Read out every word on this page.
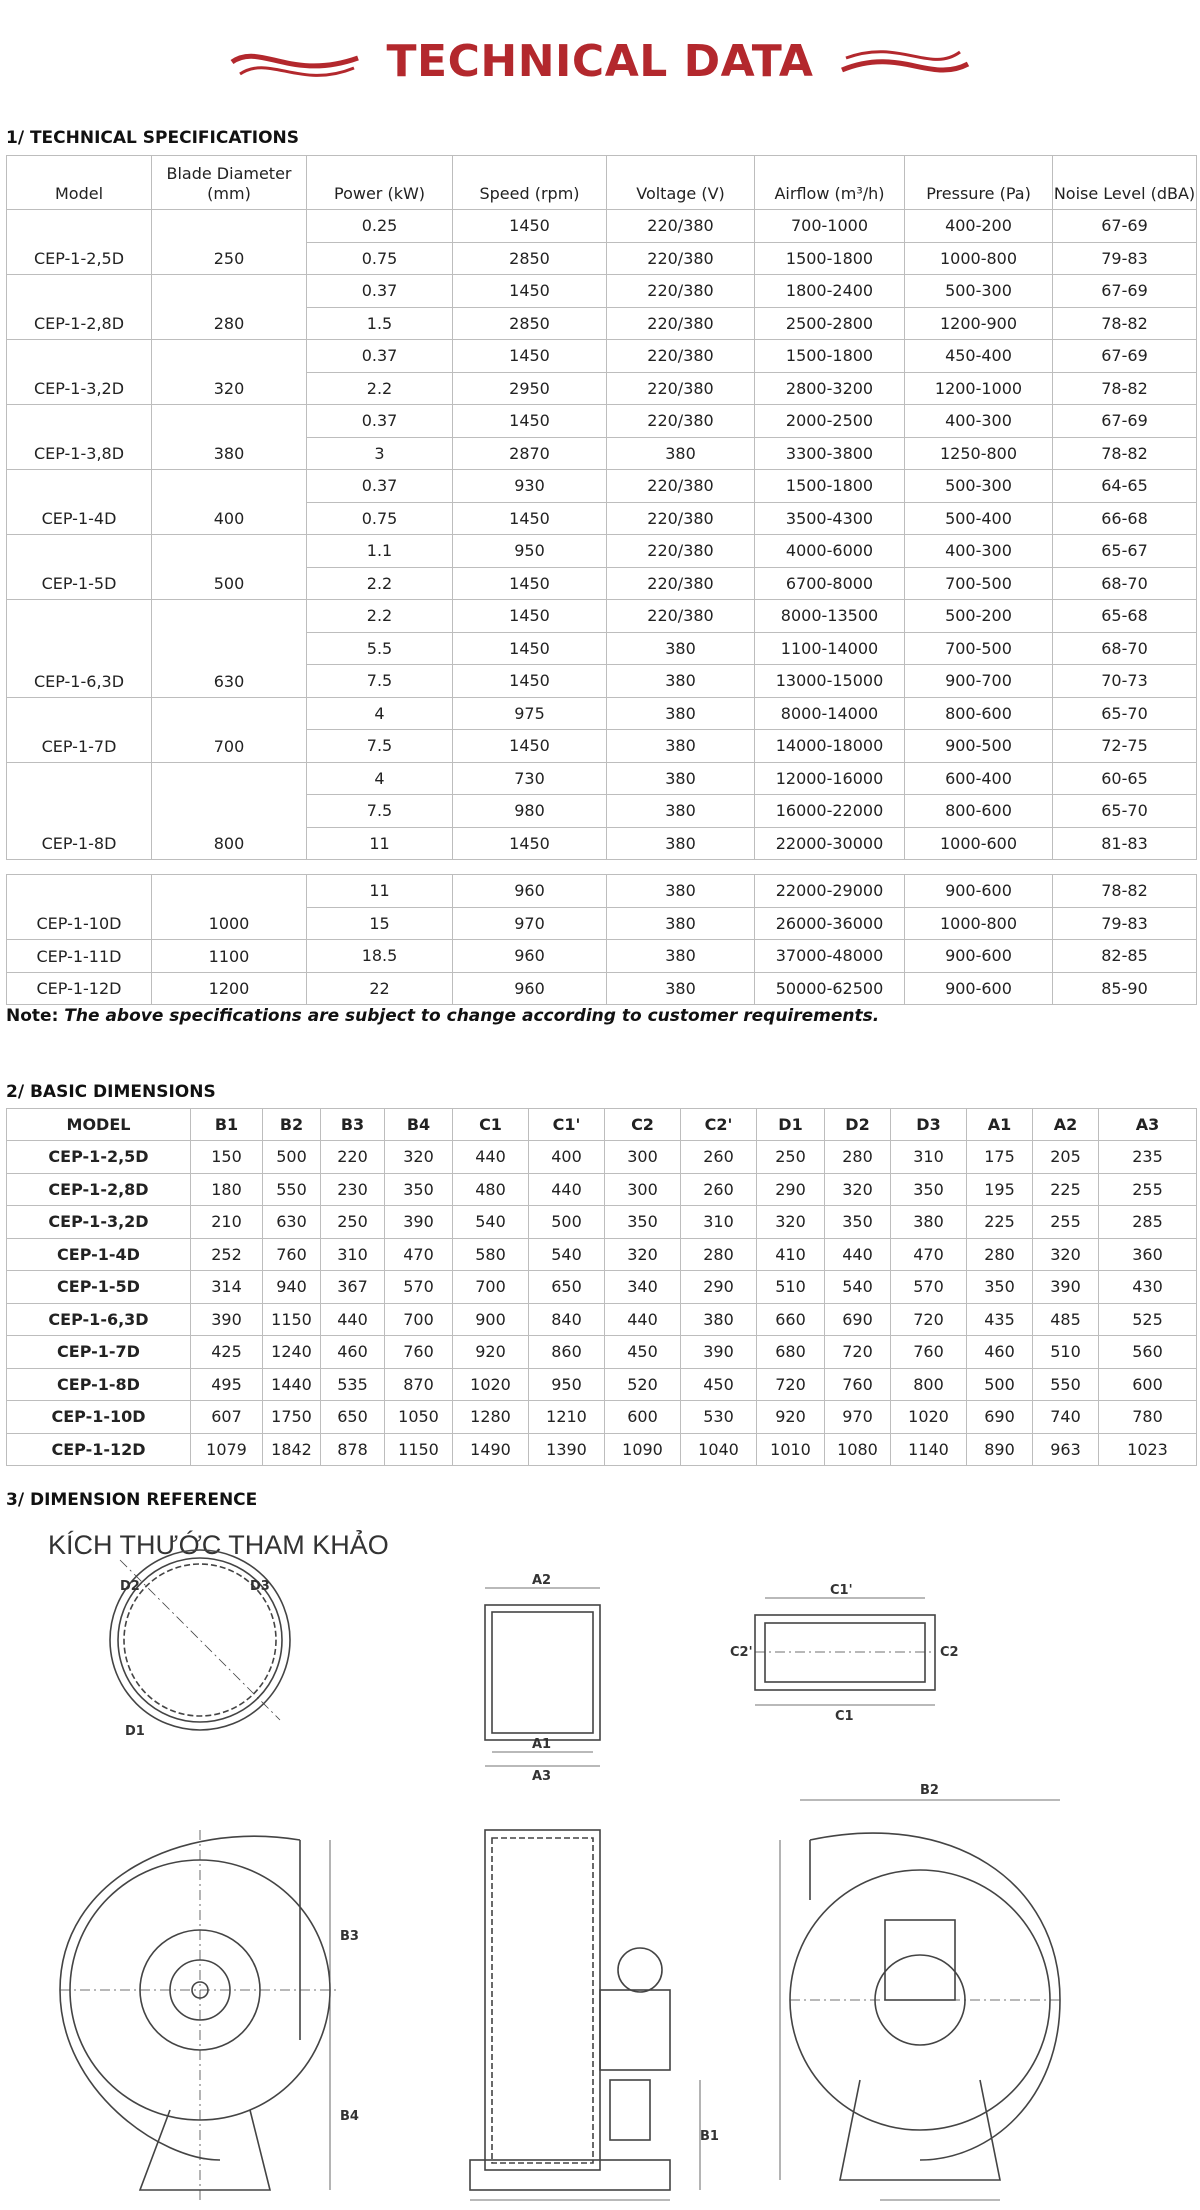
TECHNICAL DATA
1/ TECHNICAL SPECIFICATIONS
Model	Blade Diameter (mm)	Power (kW)	Speed (rpm)	Voltage (V)	Airflow (m³/h)	Pressure (Pa)	Noise Level (dBA)
CEP-1-2,5D	250	0.25	1450	220/380	700-1000	400-200	67-69
		0.75	2850	220/380	1500-1800	1000-800	79-83
CEP-1-2,8D	280	0.37	1450	220/380	1800-2400	500-300	67-69
		1.5	2850	220/380	2500-2800	1200-900	78-82
CEP-1-3,2D	320	0.37	1450	220/380	1500-1800	450-400	67-69
		2.2	2950	220/380	2800-3200	1200-1000	78-82
CEP-1-3,8D	380	0.37	1450	220/380	2000-2500	400-300	67-69
		3	2870	380	3300-3800	1250-800	78-82
CEP-1-4D	400	0.37	930	220/380	1500-1800	500-300	64-65
		0.75	1450	220/380	3500-4300	500-400	66-68
CEP-1-5D	500	1.1	950	220/380	4000-6000	400-300	65-67
		2.2	1450	220/380	6700-8000	700-500	68-70
CEP-1-6,3D	630	2.2	1450	220/380	8000-13500	500-200	65-68
		5.5	1450	380	1100-14000	700-500	68-70
		7.5	1450	380	13000-15000	900-700	70-73
CEP-1-7D	700	4	975	380	8000-14000	800-600	65-70
		7.5	1450	380	14000-18000	900-500	72-75
CEP-1-8D	800	4	730	380	12000-16000	600-400	60-65
		7.5	980	380	16000-22000	800-600	65-70
		11	1450	380	22000-30000	1000-600	81-83
CEP-1-10D	1000	11	960	380	22000-29000	900-600	78-82
		15	970	380	26000-36000	1000-800	79-83
CEP-1-11D	1100	18.5	960	380	37000-48000	900-600	82-85
CEP-1-12D	1200	22	960	380	50000-62500	900-600	85-90
Note: The above specifications are subject to change according to customer requirements.
2/ BASIC DIMENSIONS
MODEL	B1	B2	B3	B4	C1	C1'	C2	C2'	D1	D2	D3	A1	A2	A3
CEP-1-2,5D	150	500	220	320	440	400	300	260	250	280	310	175	205	235
CEP-1-2,8D	180	550	230	350	480	440	300	260	290	320	350	195	225	255
CEP-1-3,2D	210	630	250	390	540	500	350	310	320	350	380	225	255	285
CEP-1-4D	252	760	310	470	580	540	320	280	410	440	470	280	320	360
CEP-1-5D	314	940	367	570	700	650	340	290	510	540	570	350	390	430
CEP-1-6,3D	390	1150	440	700	900	840	440	380	660	690	720	435	485	525
CEP-1-7D	425	1240	460	760	920	860	450	390	680	720	760	460	510	560
CEP-1-8D	495	1440	535	870	1020	950	520	450	720	760	800	500	550	600
CEP-1-10D	607	1750	650	1050	1280	1210	600	530	920	970	1020	690	740	780
CEP-1-12D	1079	1842	878	1150	1490	1390	1090	1040	1010	1080	1140	890	963	1023
3/ DIMENSION REFERENCE
KÍCH THƯỚC THAM KHẢO
D2	D3
D1
A2
A1
A3
C1'
C2'	C2
C1
B2
B3
B4
B1
